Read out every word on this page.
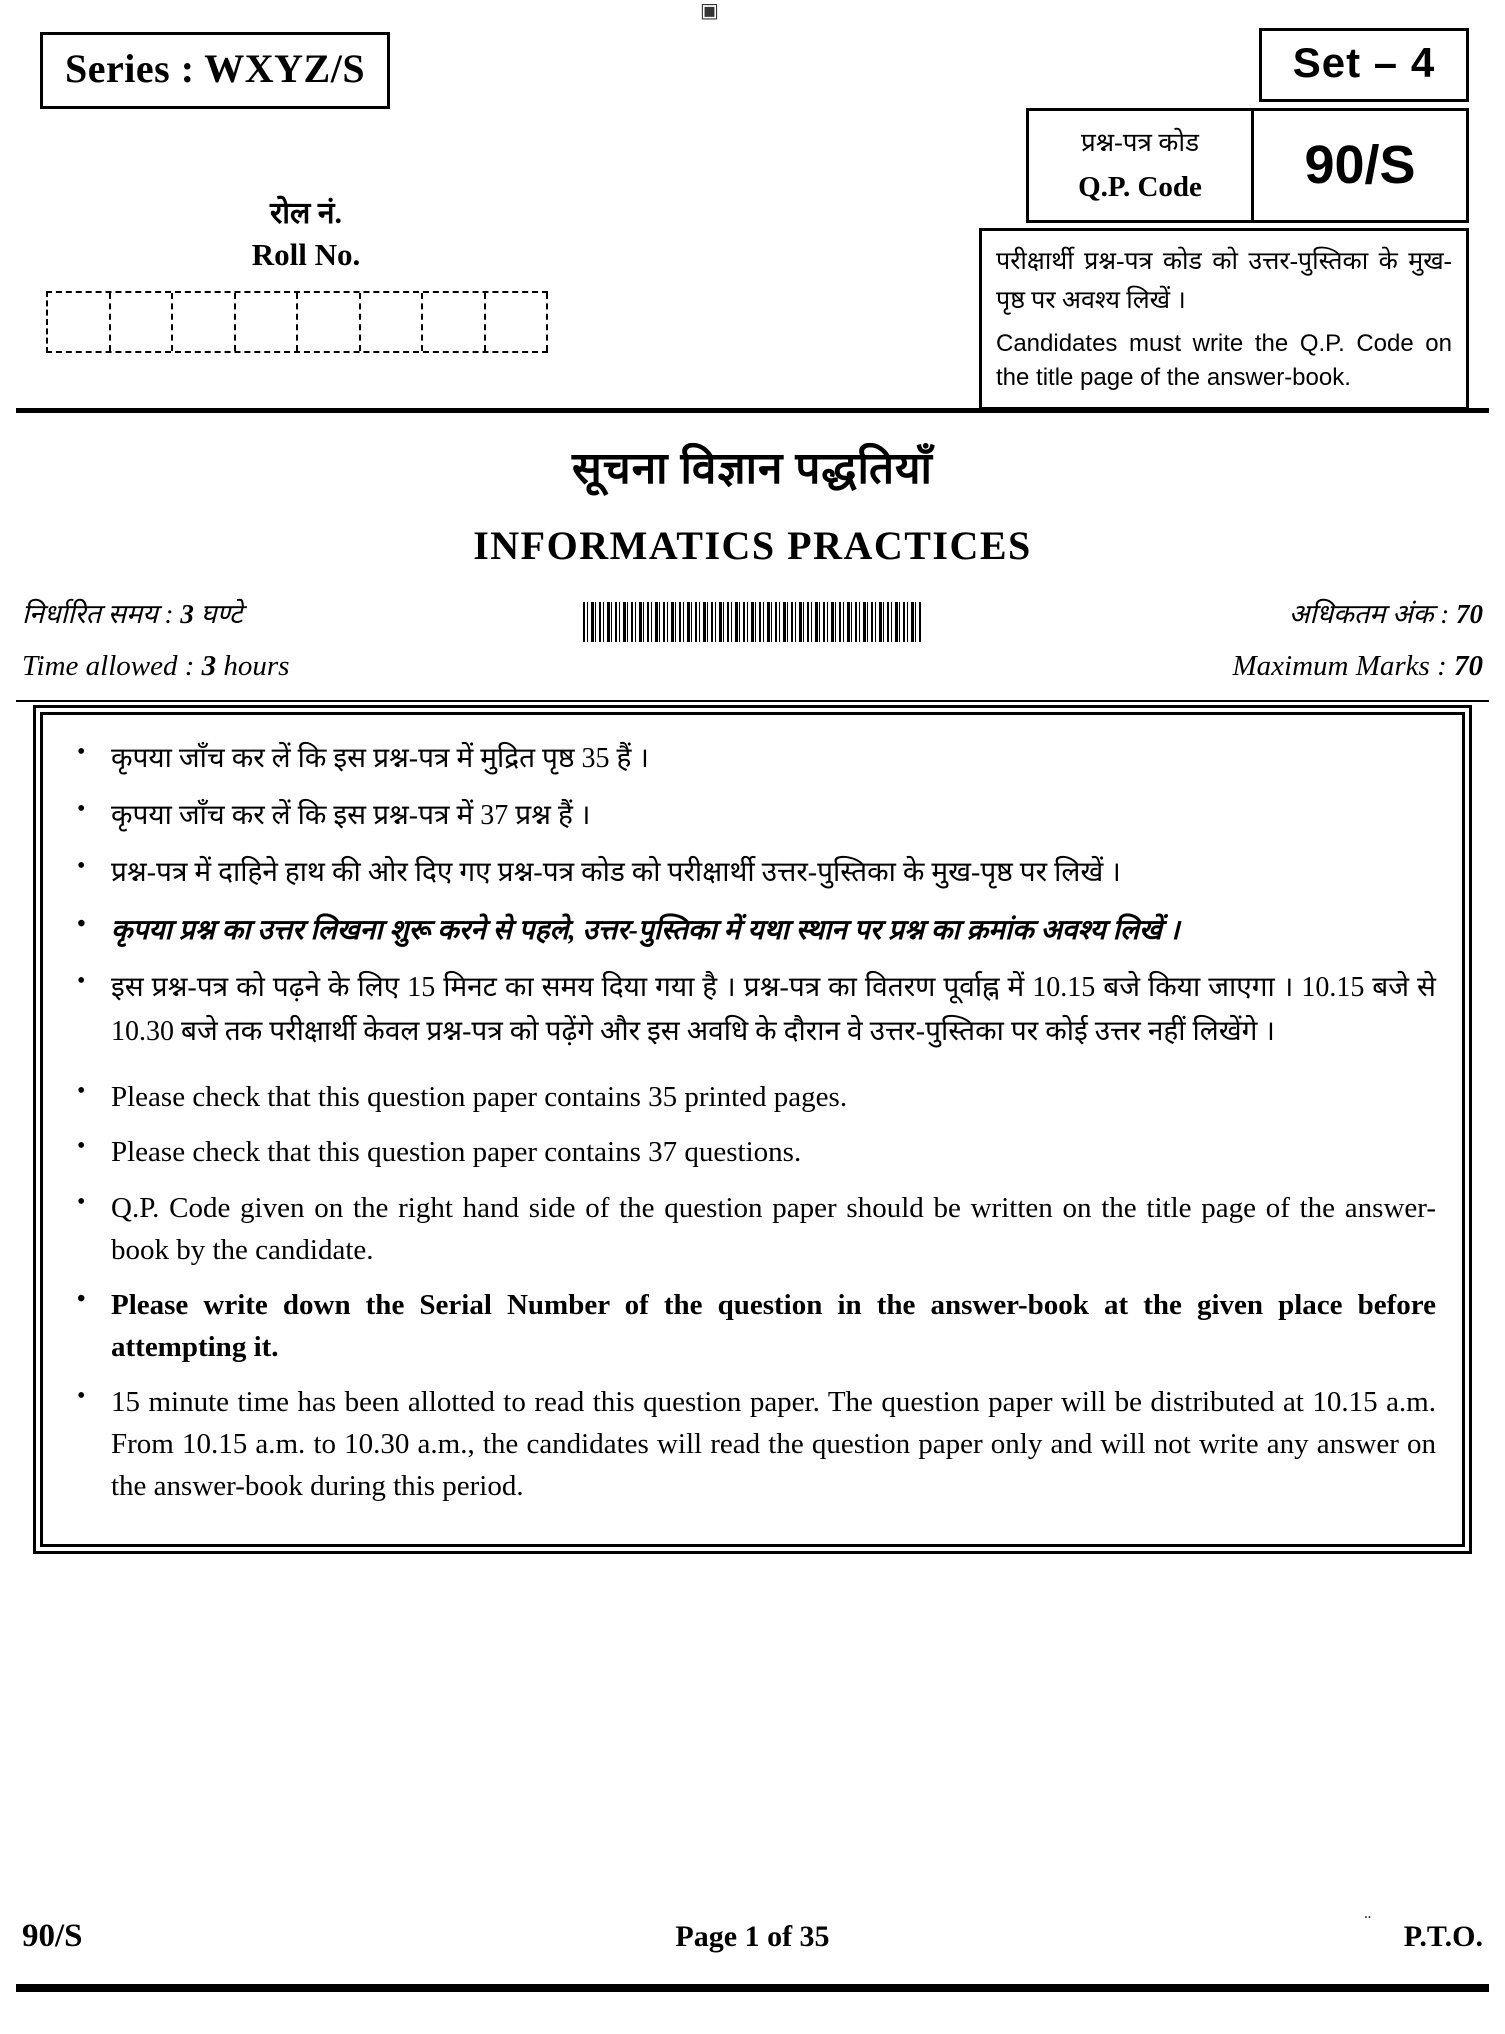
▣
Series : WXYZ/S	Set – 4
प्रश्न-पत्र कोड
Q.P. Code	90/S
परीक्षार्थी प्रश्न-पत्र कोड को उत्तर-पुस्तिका के मुख-पृष्ठ पर अवश्य लिखें ।
Candidates must write the Q.P. Code on the title page of the answer-book.
रोल नं.
Roll No.
सूचना विज्ञान पद्धतियाँ
INFORMATICS PRACTICES
निर्धारित समय : 3 घण्टे
Time allowed : 3 hours
अधिकतम अंक : 70
Maximum Marks : 70
• कृपया जाँच कर लें कि इस प्रश्न-पत्र में मुद्रित पृष्ठ 35 हैं ।
• कृपया जाँच कर लें कि इस प्रश्न-पत्र में 37 प्रश्न हैं ।
• प्रश्न-पत्र में दाहिने हाथ की ओर दिए गए प्रश्न-पत्र कोड को परीक्षार्थी उत्तर-पुस्तिका के मुख-पृष्ठ पर लिखें ।
• कृपया प्रश्न का उत्तर लिखना शुरू करने से पहले, उत्तर-पुस्तिका में यथा स्थान पर प्रश्न का क्रमांक अवश्य लिखें ।
• इस प्रश्न-पत्र को पढ़ने के लिए 15 मिनट का समय दिया गया है । प्रश्न-पत्र का वितरण पूर्वाह्न में 10.15 बजे किया जाएगा । 10.15 बजे से 10.30 बजे तक परीक्षार्थी केवल प्रश्न-पत्र को पढ़ेंगे और इस अवधि के दौरान वे उत्तर-पुस्तिका पर कोई उत्तर नहीं लिखेंगे ।
• Please check that this question paper contains 35 printed pages.
• Please check that this question paper contains 37 questions.
• Q.P. Code given on the right hand side of the question paper should be written on the title page of the answer-book by the candidate.
• Please write down the Serial Number of the question in the answer-book at the given place before attempting it.
• 15 minute time has been allotted to read this question paper. The question paper will be distributed at 10.15 a.m. From 10.15 a.m. to 10.30 a.m., the candidates will read the question paper only and will not write any answer on the answer-book during this period.
90/S	Page 1 of 35	¨ P.T.O.
